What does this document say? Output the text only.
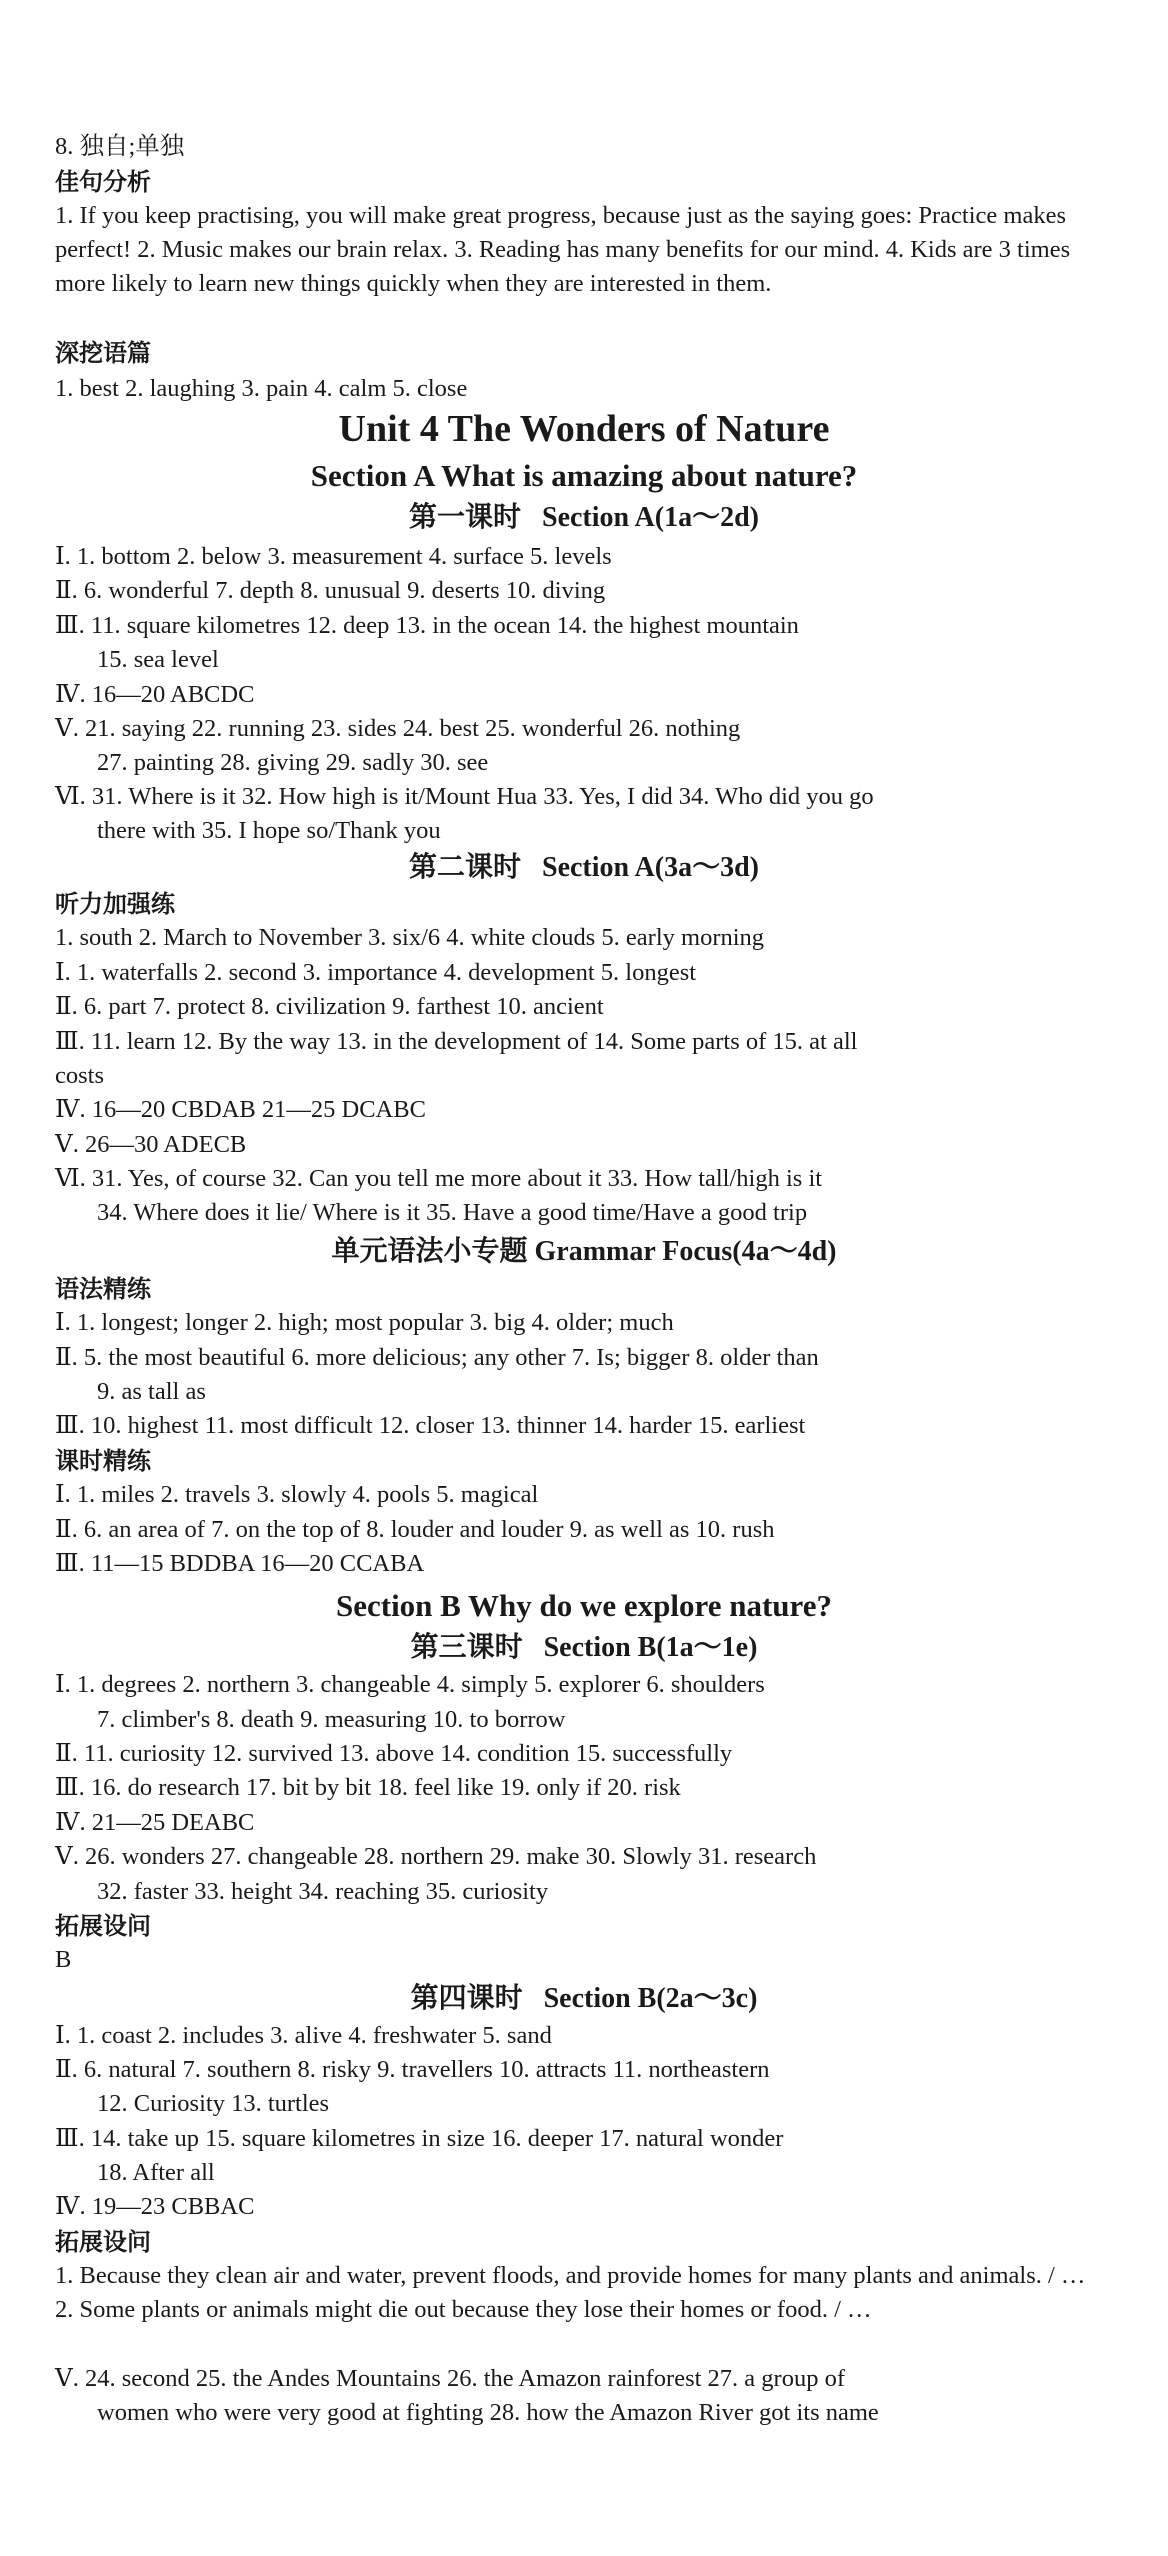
8. 独自;单独
佳句分析
1. If you keep practising, you will make great progress, because just as the saying goes: Practice makes perfect! 2. Music makes our brain relax. 3. Reading has many benefits for our mind. 4. Kids are 3 times more likely to learn new things quickly when they are interested in them.
深挖语篇
1. best 2. laughing 3. pain 4. calm 5. close
Unit 4 The Wonders of Nature
Section A What is amazing about nature?
第一课时 Section A(1a～2d)
Ⅰ. 1. bottom 2. below 3. measurement 4. surface 5. levels
Ⅱ. 6. wonderful 7. depth 8. unusual 9. deserts 10. diving
Ⅲ. 11. square kilometres 12. deep 13. in the ocean 14. the highest mountain
15. sea level
Ⅳ. 16—20 ABCDC
Ⅴ. 21. saying 22. running 23. sides 24. best 25. wonderful 26. nothing
27. painting 28. giving 29. sadly 30. see
Ⅵ. 31. Where is it 32. How high is it/Mount Hua 33. Yes, I did 34. Who did you go
there with 35. I hope so/Thank you
第二课时 Section A(3a～3d)
听力加强练
1. south 2. March to November 3. six/6 4. white clouds 5. early morning
Ⅰ. 1. waterfalls 2. second 3. importance 4. development 5. longest
Ⅱ. 6. part 7. protect 8. civilization 9. farthest 10. ancient
Ⅲ. 11. learn 12. By the way 13. in the development of 14. Some parts of 15. at all
costs
Ⅳ. 16—20 CBDAB 21—25 DCABC
Ⅴ. 26—30 ADECB
Ⅵ. 31. Yes, of course 32. Can you tell me more about it 33. How tall/high is it
34. Where does it lie/ Where is it 35. Have a good time/Have a good trip
单元语法小专题 Grammar Focus(4a～4d)
语法精练
Ⅰ. 1. longest; longer 2. high; most popular 3. big 4. older; much
Ⅱ. 5. the most beautiful 6. more delicious; any other 7. Is; bigger 8. older than
9. as tall as
Ⅲ. 10. highest 11. most difficult 12. closer 13. thinner 14. harder 15. earliest
课时精练
Ⅰ. 1. miles 2. travels 3. slowly 4. pools 5. magical
Ⅱ. 6. an area of 7. on the top of 8. louder and louder 9. as well as 10. rush
Ⅲ. 11—15 BDDBA 16—20 CCABA
Section B Why do we explore nature?
第三课时 Section B(1a～1e)
Ⅰ. 1. degrees 2. northern 3. changeable 4. simply 5. explorer 6. shoulders
7. climber's 8. death 9. measuring 10. to borrow
Ⅱ. 11. curiosity 12. survived 13. above 14. condition 15. successfully
Ⅲ. 16. do research 17. bit by bit 18. feel like 19. only if 20. risk
Ⅳ. 21—25 DEABC
Ⅴ. 26. wonders 27. changeable 28. northern 29. make 30. Slowly 31. research
32. faster 33. height 34. reaching 35. curiosity
拓展设问
B
第四课时 Section B(2a～3c)
Ⅰ. 1. coast 2. includes 3. alive 4. freshwater 5. sand
Ⅱ. 6. natural 7. southern 8. risky 9. travellers 10. attracts 11. northeastern
12. Curiosity 13. turtles
Ⅲ. 14. take up 15. square kilometres in size 16. deeper 17. natural wonder
18. After all
Ⅳ. 19—23 CBBAC
拓展设问
1. Because they clean air and water, prevent floods, and provide homes for many plants and animals. / … 2. Some plants or animals might die out because they lose their homes or food. / …
Ⅴ. 24. second 25. the Andes Mountains 26. the Amazon rainforest 27. a group of
women who were very good at fighting 28. how the Amazon River got its name
